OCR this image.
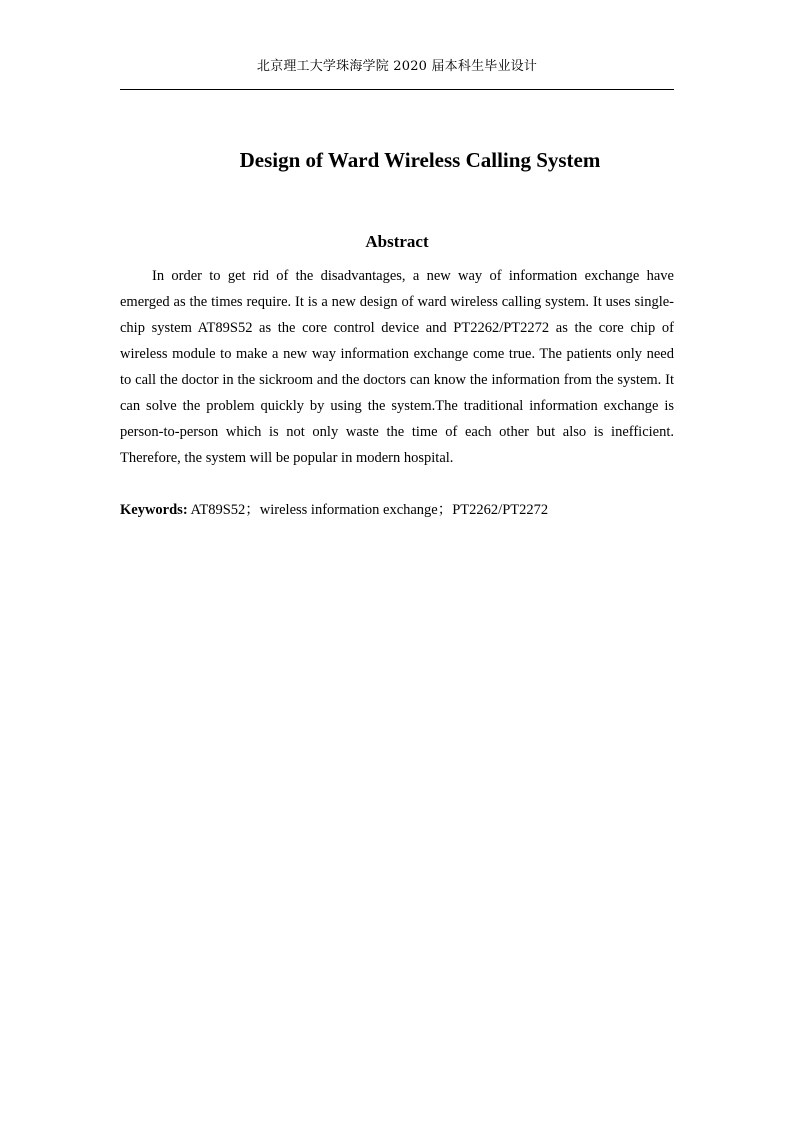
北京理工大学珠海学院 2020 届本科生毕业设计
Design of Ward Wireless Calling System
Abstract

In order to get rid of the disadvantages, a new way of information exchange have emerged as the times require. It is a new design of ward wireless calling system. It uses single-chip system AT89S52 as the core control device and PT2262/PT2272 as the core chip of wireless module to make a new way information exchange come true. The patients only need to call the doctor in the sickroom and the doctors can know the information from the system. It can solve the problem quickly by using the system.The traditional information exchange is person-to-person which is not only waste the time of each other but also is inefficient. Therefore, the system will be popular in modern hospital.

Keywords: AT89S52；wireless information exchange；PT2262/PT2272
